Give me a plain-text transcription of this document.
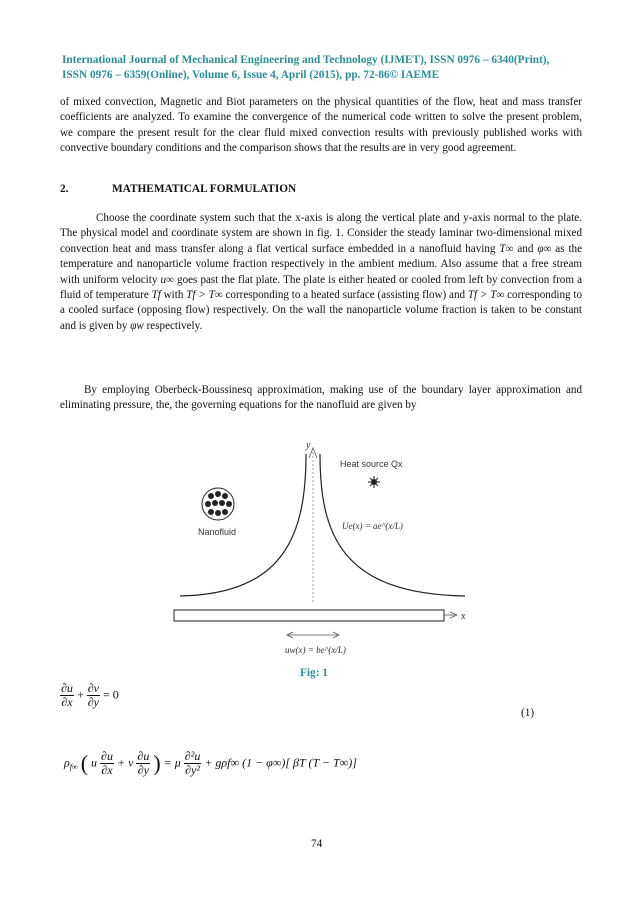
International Journal of Mechanical Engineering and Technology (IJMET), ISSN 0976 – 6340(Print),
ISSN 0976 – 6359(Online), Volume 6, Issue 4, April (2015), pp. 72-86© IAEME
of mixed convection, Magnetic and Biot parameters on the physical quantities of the flow, heat and mass transfer coefficients are analyzed. To examine the convergence of the numerical code written to solve the present problem, we compare the present result for the clear fluid mixed convection results with previously published works with convective boundary conditions and the comparison shows that the results are in very good agreement.
2.	MATHEMATICAL FORMULATION
Choose the coordinate system such that the x-axis is along the vertical plate and y-axis normal to the plate. The physical model and coordinate system are shown in fig. 1. Consider the steady laminar two-dimensional mixed convection heat and mass transfer along a flat vertical surface embedded in a nanofluid having T∞ and φ∞ as the temperature and nanoparticle volume fraction respectively in the ambient medium. Also assume that a free stream with uniform velocity u∞ goes past the flat plate. The plate is either heated or cooled from left by convection from a fluid of temperature Tf with Tf > T∞ corresponding to a heated surface (assisting flow) and Tf > T∞ corresponding to a cooled surface (opposing flow) respectively. On the wall the nanoparticle volume fraction is taken to be constant and is given by φw respectively.
By employing Oberbeck-Boussinesq approximation, making use of the boundary layer approximation and eliminating pressure, the, the governing equations for the nanofluid are given by
y
Nanofluid
Heat source Qx
Ue(x) = ae^(x/L)
x
uw(x) = be^(x/L)
Fig: 1
$\frac{\partial u}{\partial x} + \frac{\partial v}{\partial y} = 0$
(1)
$\rho_{f\infty}$ ( u $\frac{\partial u}{\partial x} + v \frac{\partial u}{\partial y}$ ) = μ $\frac{\text{∂²u}}{\text{∂y²}} + g\rho f\infty$ (1 − φ∞)[ βT (T − T∞)]
74
